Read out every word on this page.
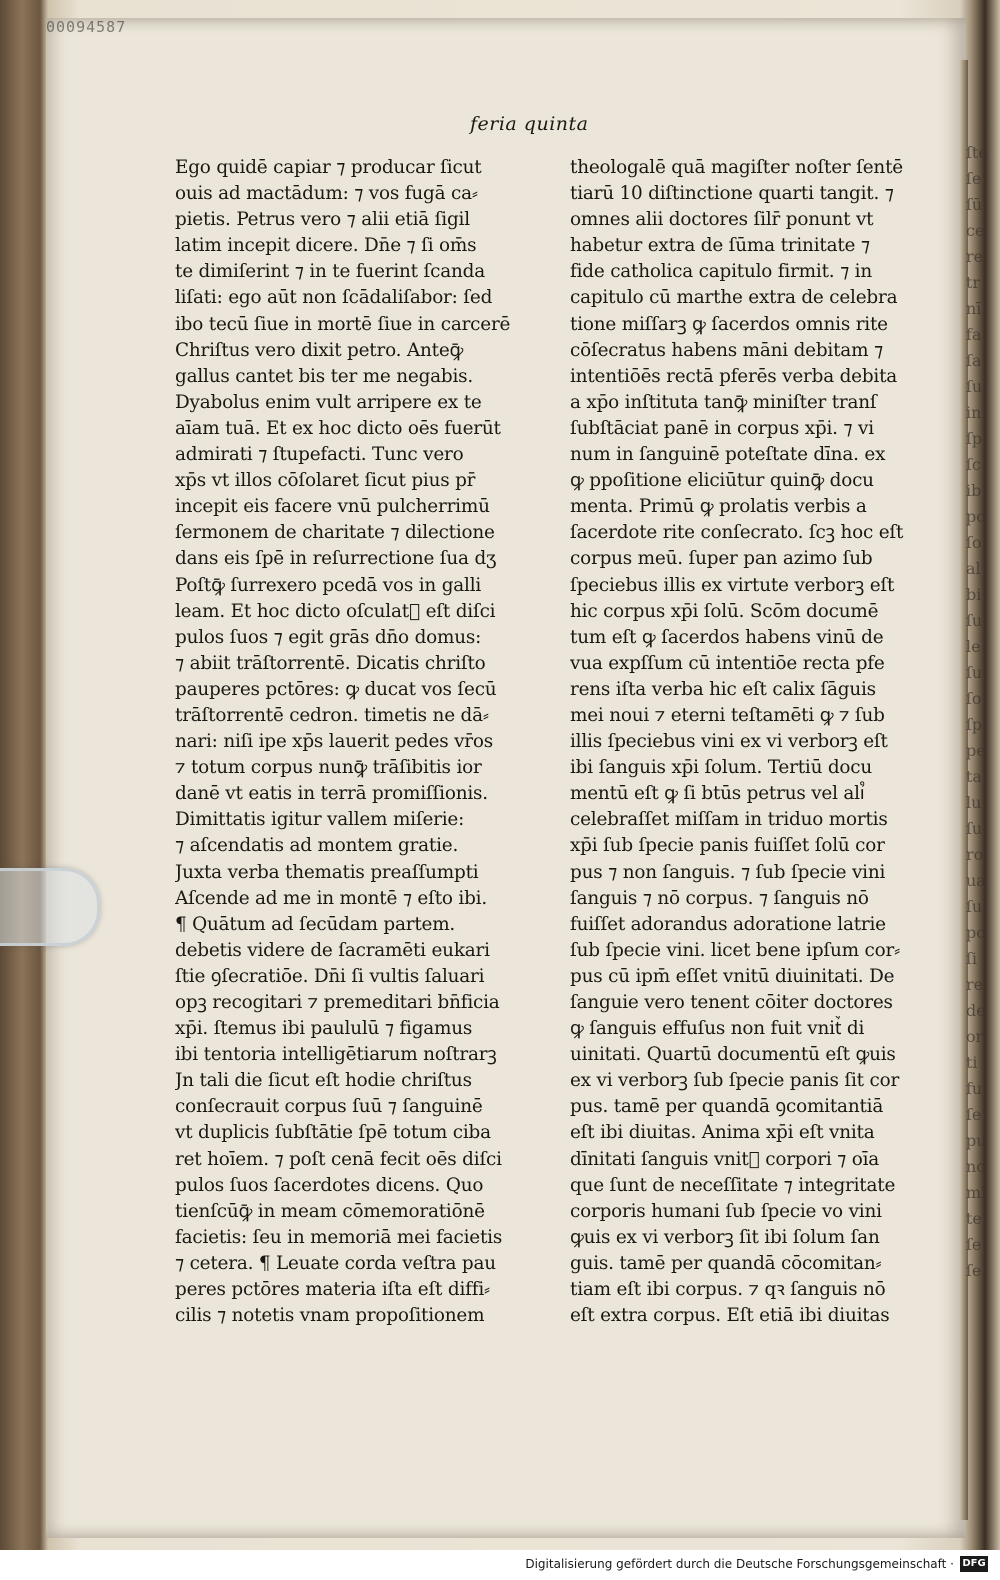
00094587
feria quinta
Ego quidē capiar ⁊ producar ſicut
ouis ad mactādum: ⁊ vos fugā ca⸗
pietis. Petrus vero ⁊ alii etiā ſigil
latim incepit dicere. Dn̄e ⁊ ſi om̄s
te dimiſerint ⁊ in te fuerint ſcanda
liſati: ego aūt non ſcādaliſabor: ſed
ibo tecū ſiue in mortē ſiue in carcerē
Chriſtus vero dixit petro. Anteꝙ̄
gallus cantet bis ter me negabis.
Dyabolus enim vult arripere ex te
aīam tuā. Et ex hoc dicto oēs fuerūt
admirati ⁊ ſtupefacti. Tunc vero
xp̄s vt illos cōſolaret ſicut pius pr̄
incepit eis facere vnū pulcherrimū
ſermonem de charitate ⁊ dilectione
dans eis ſpē in reſurrectione ſua dʒ
Poſtꝙ̄ ſurrexero pcedā vos in galli
leam. Et hoc dicto oſculat᷒ eſt diſci
pulos ſuos ⁊ egit grās dn̄o domus:
⁊ abiit trāſtorrentē. Dicatis chriſto
pauperes pctōres: ꝙ ducat vos ſecū
trāſtorrentē cedron. timetis ne dā⸗
nari: niſi ipe xp̄s lauerit pedes vr̄os
⁊ totum corpus nunꝙ̄ trāſibitis ior
danē vt eatis in terrā promiſſionis.
Dimittatis igitur vallem miſerie:
⁊ aſcendatis ad montem gratie.
Juxta verba thematis preaſſumpti
Aſcende ad me in montē ⁊ eſto ibi.
¶ Quātum ad ſecūdam partem.
debetis videre de ſacramēti eukari
ſtie ꝯſecratiōe. Dn̄i ſi vultis ſaluari
opꝫ recogitari ⁊ premeditari bn̄ficia
xp̄i. ſtemus ibi paululū ⁊ figamus
ibi tentoria intelligētiarum noſtrarꝫ
Jn tali die ſicut eſt hodie chriſtus
conſecrauit corpus ſuū ⁊ ſanguinē
vt duplicis ſubſtātie ſpē totum ciba
ret hoīem. ⁊ poſt cenā fecit oēs diſci
pulos ſuos ſacerdotes dicens. Quo
tienſcūꝙ̄ in meam cōmemoratiōnē
facietis: ſeu in memoriā mei facietis
⁊ cetera. ¶ Leuate corda veſtra pau
peres pctōres materia iſta eſt diffi⸗
cilis ⁊ notetis vnam propoſitionem
theologalē quā magiſter noſter ſentē
tiarū 10 diſtinctione quarti tangit. ⁊
omnes alii doctores ſilr̄ ponunt vt
habetur extra de ſūma trinitate ⁊
fide catholica capitulo firmit. ⁊ in
capitulo cū marthe extra de celebra
tione miſſarꝫ ꝙ ſacerdos omnis rite
cōſecratus habens māni debitam ⁊
intentiōēs rectā pferēs verba debita
a xp̄o inſtituta tanꝙ̄ miniſter tranſ
ſubſtāciat panē in corpus xp̄i. ⁊ vi
num in ſanguinē poteſtate dīna. ex
ꝙ ppoſitione eliciūtur quinꝙ̄ docu
menta. Primū ꝙ prolatis verbis a
ſacerdote rite conſecrato. ſcꝫ hoc eſt
corpus meū. ſuper pan azimo ſub
ſpeciebus illis ex virtute verborꝫ eſt
hic corpus xp̄i ſolū. Scōm documē
tum eſt ꝙ ſacerdos habens vinū de
vua expſſum cū intentiōe recta pfe
rens iſta verba hic eſt calix ſāguis
mei noui ⁊ eterni teſtamēti ꝙ ⁊ ſub
illis ſpeciebus vini ex vi verborꝫ eſt
ibi ſanguis xp̄i ſolum. Tertiū docu
mentū eſt ꝙ ſi btūs petrus vel ali᷒
celebraſſet miſſam in triduo mortis
xp̄i ſub ſpecie panis fuiſſet ſolū cor
pus ⁊ non ſanguis. ⁊ ſub ſpecie vini
ſanguis ⁊ nō corpus. ⁊ ſanguis nō
fuiſſet adorandus adoratione latrie
ſub ſpecie vini. licet bene ipſum cor⸗
pus cū ipm̄ eſſet vnitū diuinitati. De
ſanguie vero tenent cōiter doctores
ꝙ ſanguis effuſus non fuit vnit᷒ di
uinitati. Quartū documentū eſt ꝙuis
ex vi verborꝫ ſub ſpecie panis ſit cor
pus. tamē per quandā ꝯcomitantiā
eſt ibi diuitas. Anima xp̄i eſt vnita
dīnitati ſanguis vnit᷒ corpori ⁊ oīa
que ſunt de neceſſitate ⁊ integritate
corporis humani ſub ſpecie vo vini
ꝙuis ex vi verborꝫ ſit ibi ſolum ſan
guis. tamē per quandā cōcomitan⸗
tiam eſt ibi corpus. ⁊ qꝛ ſanguis nō
eſt extra corpus. Eſt etiā ibi diuitas
ſte
ſe
ſū
ce
re
tr
nī
fa
ſa
ſu
in
ſp
ſc
ib
po
ſo
al
bi
ſu
le
ſu
ſo
ſp
pe
ta
lu
ſu
ro
ua
ſu
po
ſi
re
de
or
ti
fu
ſe
pu
no
mi
te
ſe
ſe
Digitalisierung gefördert durch die Deutsche Forschungsgemeinschaft · DFG
